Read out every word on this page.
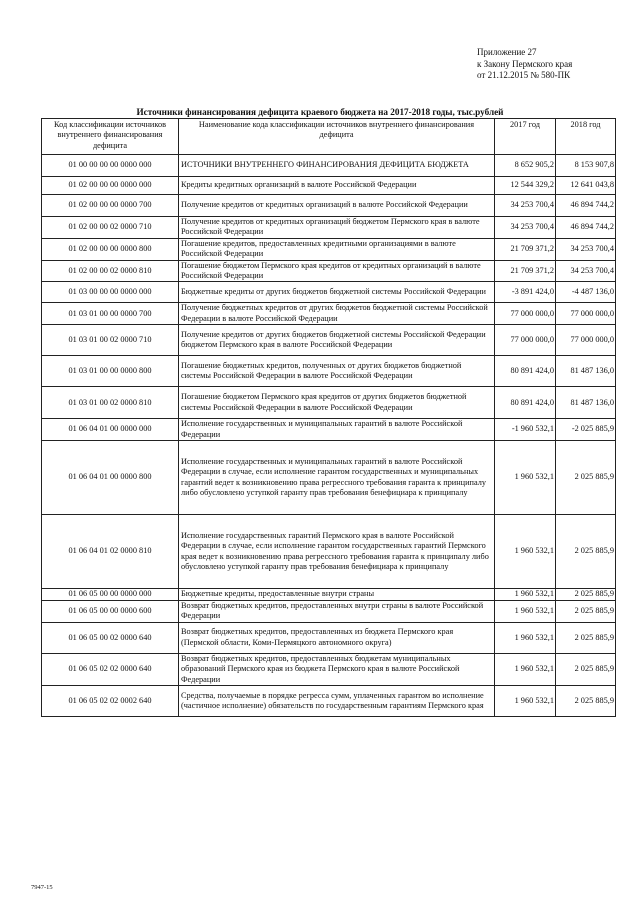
Приложение 27
к Закону Пермского края
от 21.12.2015 № 580-ПК
Источники финансирования дефицита краевого бюджета на 2017-2018 годы, тыс.рублей
Код классификации источников внутреннего финансирования дефицита	Наименование кода классификации источников внутреннего финансирования дефицита	2017 год	2018 год
01 00 00 00 00 0000 000	ИСТОЧНИКИ ВНУТРЕННЕГО ФИНАНСИРОВАНИЯ ДЕФИЦИТА БЮДЖЕТА	8 652 905,2	8 153 907,8
01 02 00 00 00 0000 000	Кредиты кредитных организаций в валюте Российской Федерации	12 544 329,2	12 641 043,8
01 02 00 00 00 0000 700	Получение кредитов от кредитных организаций в валюте Российской Федерации	34 253 700,4	46 894 744,2
01 02 00 00 02 0000 710	Получение кредитов от кредитных организаций бюджетом Пермского края в валюте Российской Федерации	34 253 700,4	46 894 744,2
01 02 00 00 00 0000 800	Погашение кредитов, предоставленных кредитными организациями в валюте Российской Федерации	21 709 371,2	34 253 700,4
01 02 00 00 02 0000 810	Погашение бюджетом Пермского края кредитов от кредитных организаций в валюте Российской Федерации	21 709 371,2	34 253 700,4
01 03 00 00 00 0000 000	Бюджетные кредиты от других бюджетов бюджетной системы Российской Федерации	-3 891 424,0	-4 487 136,0
01 03 01 00 00 0000 700	Получение бюджетных кредитов от других бюджетов бюджетной системы Российской Федерации в валюте Российской Федерации	77 000 000,0	77 000 000,0
01 03 01 00 02 0000 710	Получение кредитов от других бюджетов бюджетной системы Российской Федерации бюджетом Пермского края в валюте Российской Федерации	77 000 000,0	77 000 000,0
01 03 01 00 00 0000 800	Погашение бюджетных кредитов, полученных от других бюджетов бюджетной системы Российской Федерации в валюте Российской Федерации	80 891 424,0	81 487 136,0
01 03 01 00 02 0000 810	Погашение бюджетом Пермского края кредитов от других бюджетов бюджетной системы Российской Федерации в валюте Российской Федерации	80 891 424,0	81 487 136,0
01 06 04 01 00 0000 000	Исполнение государственных и муниципальных гарантий в валюте Российской Федерации	-1 960 532,1	-2 025 885,9
01 06 04 01 00 0000 800	Исполнение государственных и муниципальных гарантий в валюте Российской Федерации в случае, если исполнение гарантом государственных и муниципальных гарантий ведет к возникновению права регрессного требования гаранта к принципалу либо обусловлено уступкой гаранту прав требования бенефициара к принципалу	1 960 532,1	2 025 885,9
01 06 04 01 02 0000 810	Исполнение государственных гарантий Пермского края в валюте Российской Федерации в случае, если исполнение гарантом государственных гарантий Пермского края ведет к возникновению права регрессного требования гаранта к принципалу либо обусловлено уступкой гаранту прав требования бенефициара к принципалу	1 960 532,1	2 025 885,9
01 06 05 00 00 0000 000	Бюджетные кредиты, предоставленные внутри страны	1 960 532,1	2 025 885,9
01 06 05 00 00 0000 600	Возврат бюджетных кредитов, предоставленных внутри страны в валюте Российской Федерации	1 960 532,1	2 025 885,9
01 06 05 00 02 0000 640	Возврат бюджетных кредитов, предоставленных из бюджета Пермского края (Пермской области, Коми-Пермяцкого автономного округа)	1 960 532,1	2 025 885,9
01 06 05 02 02 0000 640	Возврат бюджетных кредитов, предоставленных бюджетам муниципальных образований Пермского края из бюджета Пермского края в валюте Российской Федерации	1 960 532,1	2 025 885,9
01 06 05 02 02 0002 640	Средства, получаемые в порядке регресса сумм, уплаченных гарантом во исполнение (частичное исполнение) обязательств по государственным гарантиям Пермского края	1 960 532,1	2 025 885,9
7947-15
